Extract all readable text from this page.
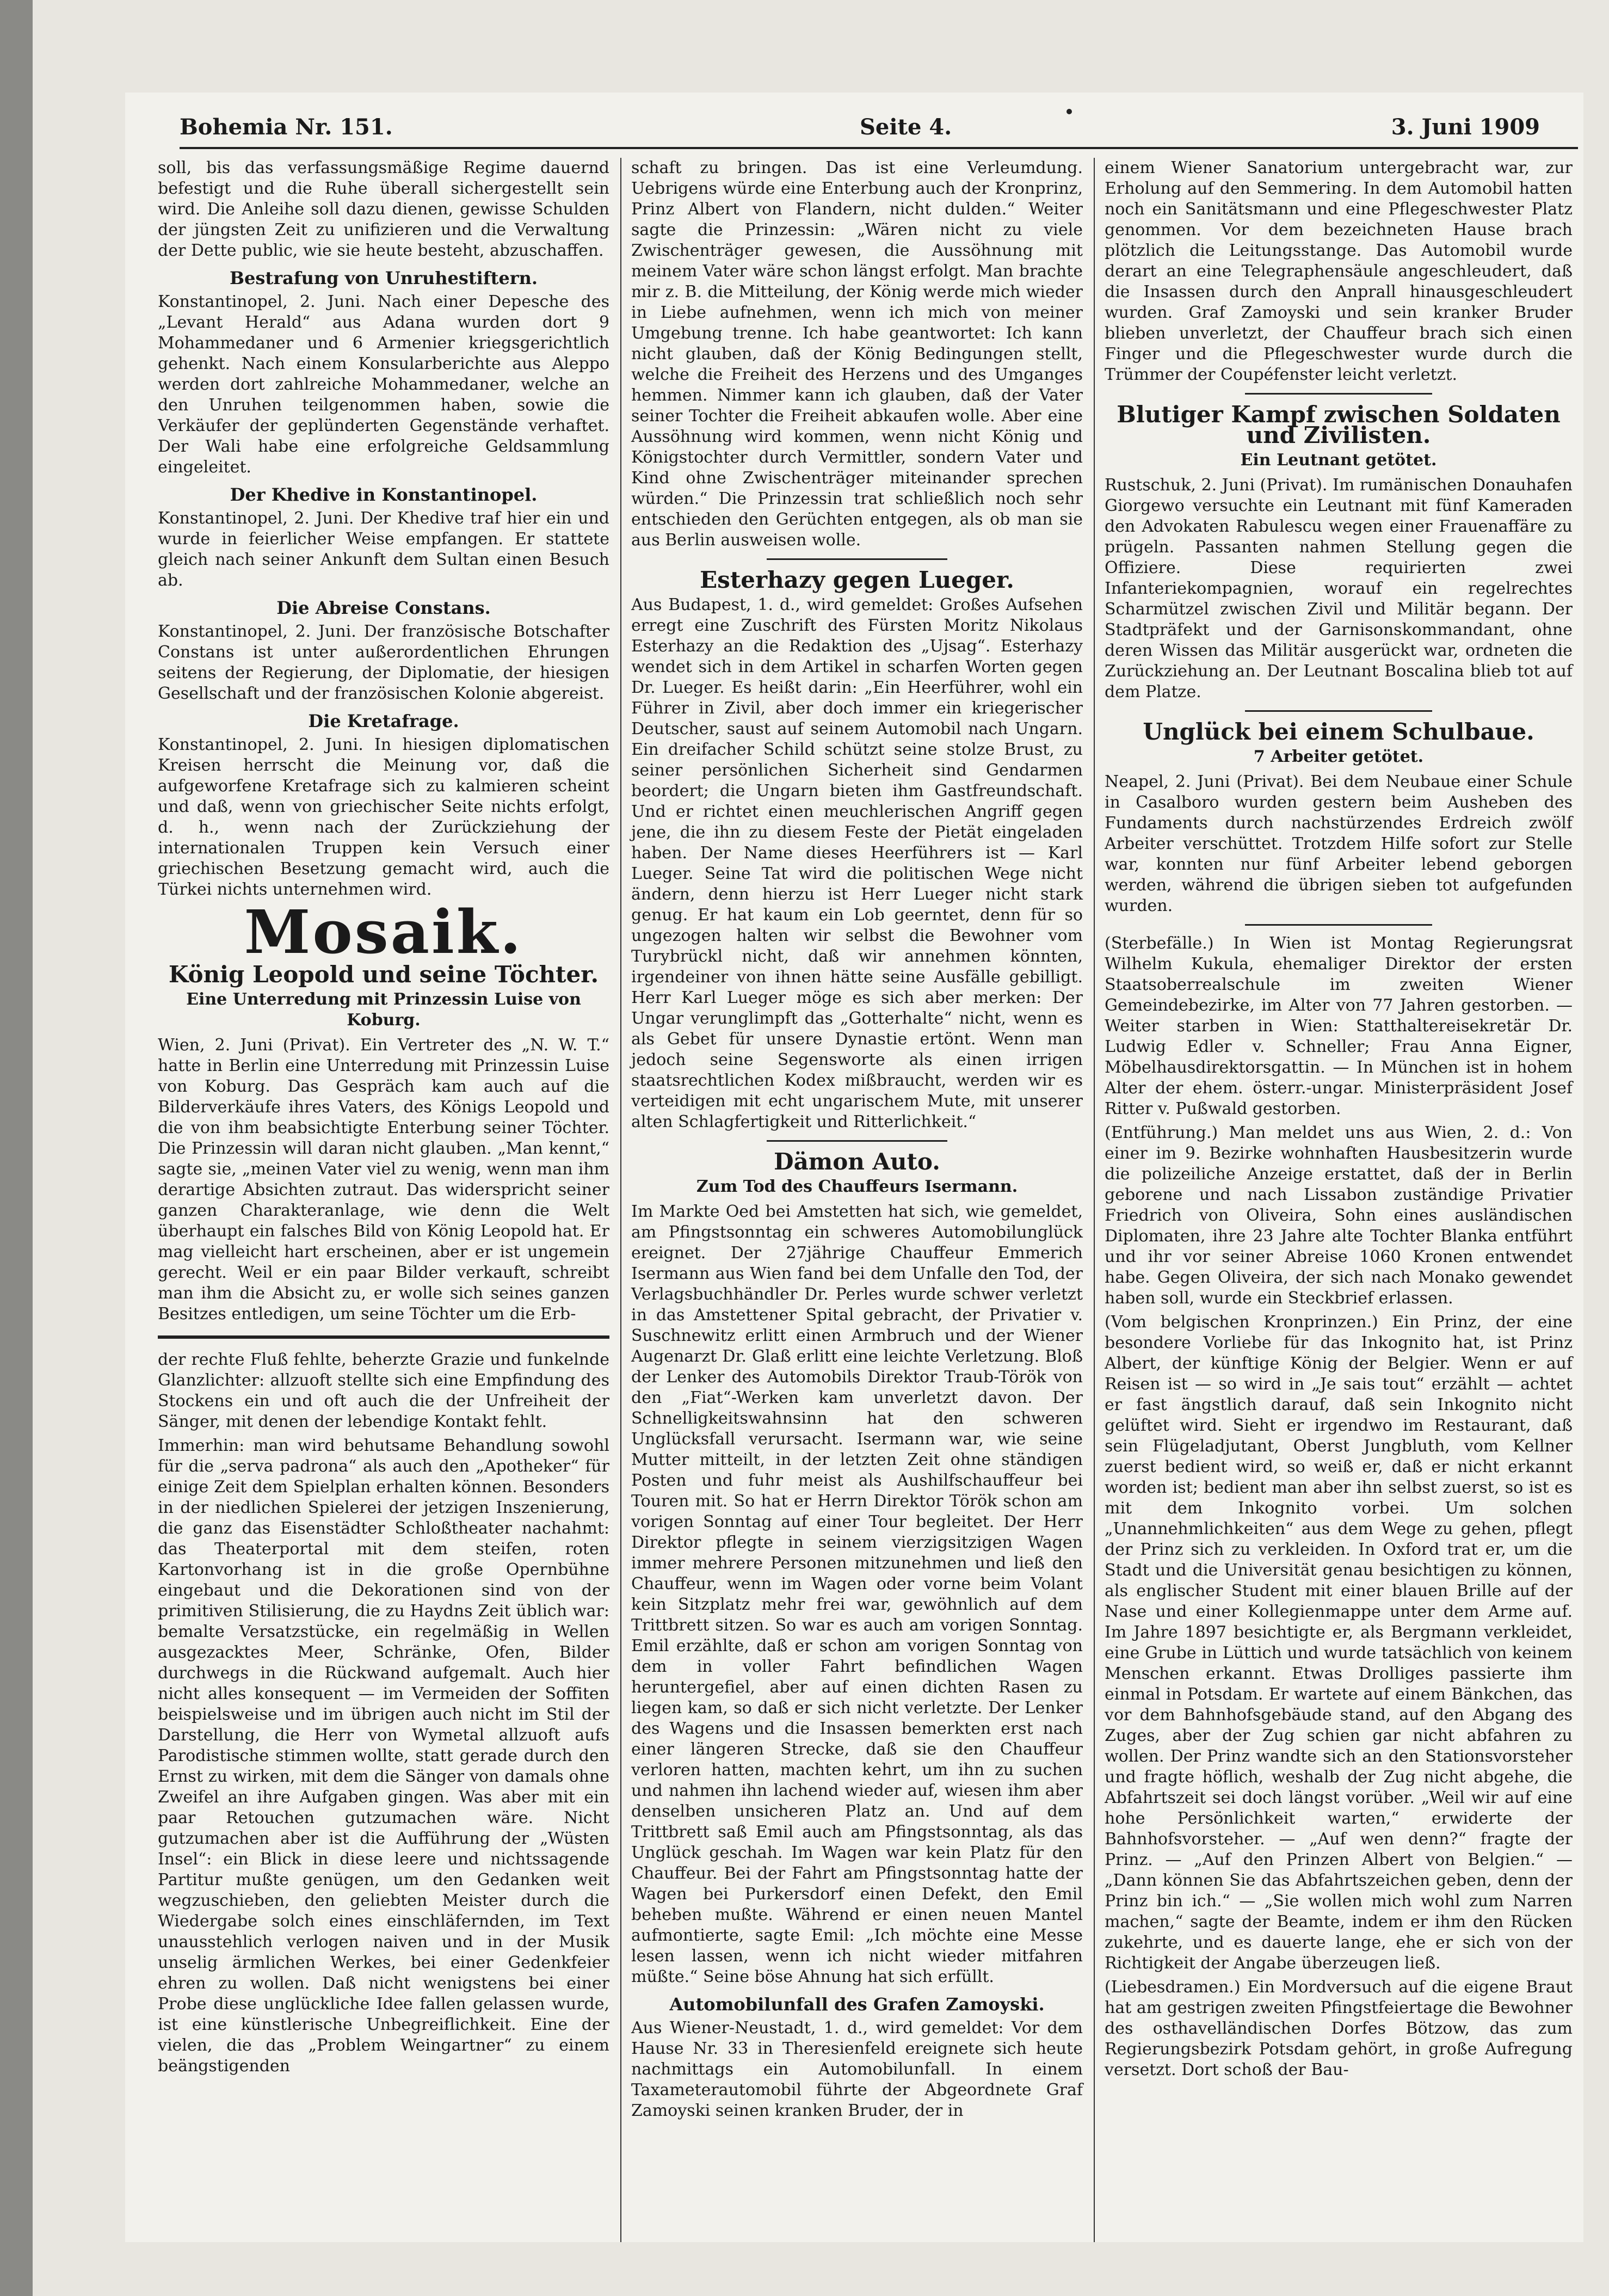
Bohemia Nr. 151.	Seite 4.	3. Juni 1909

soll, bis das verfassungsmäßige Regime dauernd befestigt und die Ruhe überall sichergestellt sein wird. Die Anleihe soll dazu dienen, gewisse Schulden der jüngsten Zeit zu unifizieren und die Verwaltung der Dette public, wie sie heute besteht, abzuschaffen.

Bestrafung von Unruhestiftern.

Konstantinopel, 2. Juni. Nach einer Depesche des „Levant Herald“ aus Adana wurden dort 9 Mohammedaner und 6 Armenier kriegsgerichtlich gehenkt. Nach einem Konsularberichte aus Aleppo werden dort zahlreiche Mohammedaner, welche an den Unruhen teilgenommen haben, sowie die Verkäufer der geplünderten Gegenstände verhaftet. Der Wali habe eine erfolgreiche Geldsammlung eingeleitet.

Der Khedive in Konstantinopel.

Konstantinopel, 2. Juni. Der Khedive traf hier ein und wurde in feierlicher Weise empfangen. Er stattete gleich nach seiner Ankunft dem Sultan einen Besuch ab.

Die Abreise Constans.

Konstantinopel, 2. Juni. Der französische Botschafter Constans ist unter außerordentlichen Ehrungen seitens der Regierung, der Diplomatie, der hiesigen Gesellschaft und der französischen Kolonie abgereist.

Die Kretafrage.

Konstantinopel, 2. Juni. In hiesigen diplomatischen Kreisen herrscht die Meinung vor, daß die aufgeworfene Kretafrage sich zu kalmieren scheint und daß, wenn von griechischer Seite nichts erfolgt, d. h., wenn nach der Zurückziehung der internationalen Truppen kein Versuch einer griechischen Besetzung gemacht wird, auch die Türkei nichts unternehmen wird.

Mosaik.
König Leopold und seine Töchter.
Eine Unterredung mit Prinzessin Luise von Koburg.

Wien, 2. Juni (Privat). Ein Vertreter des „N. W. T.“ hatte in Berlin eine Unterredung mit Prinzessin Luise von Koburg. Das Gespräch kam auch auf die Bilderverkäufe ihres Vaters, des Königs Leopold und die von ihm beabsichtigte Enterbung seiner Töchter. Die Prinzessin will daran nicht glauben. „Man kennt,“ sagte sie, „meinen Vater viel zu wenig, wenn man ihm derartige Absichten zutraut. Das widerspricht seiner ganzen Charakteranlage, wie denn die Welt überhaupt ein falsches Bild von König Leopold hat. Er mag vielleicht hart erscheinen, aber er ist ungemein gerecht. Weil er ein paar Bilder verkauft, schreibt man ihm die Absicht zu, er wolle sich seines ganzen Besitzes entledigen, um seine Töchter um die Erb-

der rechte Fluß fehlte, beherzte Grazie und funkelnde Glanzlichter: allzuoft stellte sich eine Empfindung des Stockens ein und oft auch die der Unfreiheit der Sänger, mit denen der lebendige Kontakt fehlt.

Immerhin: man wird behutsame Behandlung sowohl für die „serva padrona“ als auch den „Apotheker“ für einige Zeit dem Spielplan erhalten können. Besonders in der niedlichen Spielerei der jetzigen Inszenierung, die ganz das Eisenstädter Schloßtheater nachahmt: das Theaterportal mit dem steifen, roten Kartonvorhang ist in die große Opernbühne eingebaut und die Dekorationen sind von der primitiven Stilisierung, die zu Haydns Zeit üblich war: bemalte Versatzstücke, ein regelmäßig in Wellen ausgezacktes Meer, Schränke, Ofen, Bilder durchwegs in die Rückwand aufgemalt. Auch hier nicht alles konsequent — im Vermeiden der Soffiten beispielsweise und im übrigen auch nicht im Stil der Darstellung, die Herr von Wymetal allzuoft aufs Parodistische stimmen wollte, statt gerade durch den Ernst zu wirken, mit dem die Sänger von damals ohne Zweifel an ihre Aufgaben gingen. Was aber mit ein paar Retouchen gutzumachen wäre. Nicht gutzumachen aber ist die Aufführung der „Wüsten Insel“: ein Blick in diese leere und nichtssagende Partitur mußte genügen, um den Gedanken weit wegzuschieben, den geliebten Meister durch die Wiedergabe solch eines einschläfernden, im Text unausstehlich verlogen naiven und in der Musik unselig ärmlichen Werkes, bei einer Gedenkfeier ehren zu wollen. Daß nicht wenigstens bei einer Probe diese unglückliche Idee fallen gelassen wurde, ist eine künstlerische Unbegreiflichkeit. Eine der vielen, die das „Problem Weingartner“ zu einem beängstigenden

schaft zu bringen. Das ist eine Verleumdung. Uebrigens würde eine Enterbung auch der Kronprinz, Prinz Albert von Flandern, nicht dulden.“ Weiter sagte die Prinzessin: „Wären nicht zu viele Zwischenträger gewesen, die Aussöhnung mit meinem Vater wäre schon längst erfolgt. Man brachte mir z. B. die Mitteilung, der König werde mich wieder in Liebe aufnehmen, wenn ich mich von meiner Umgebung trenne. Ich habe geantwortet: Ich kann nicht glauben, daß der König Bedingungen stellt, welche die Freiheit des Herzens und des Umganges hemmen. Nimmer kann ich glauben, daß der Vater seiner Tochter die Freiheit abkaufen wolle. Aber eine Aussöhnung wird kommen, wenn nicht König und Königstochter durch Vermittler, sondern Vater und Kind ohne Zwischenträger miteinander sprechen würden.“ Die Prinzessin trat schließlich noch sehr entschieden den Gerüchten entgegen, als ob man sie aus Berlin ausweisen wolle.

Esterhazy gegen Lueger.

Aus Budapest, 1. d., wird gemeldet: Großes Aufsehen erregt eine Zuschrift des Fürsten Moritz Nikolaus Esterhazy an die Redaktion des „Ujsag“. Esterhazy wendet sich in dem Artikel in scharfen Worten gegen Dr. Lueger. Es heißt darin: „Ein Heerführer, wohl ein Führer in Zivil, aber doch immer ein kriegerischer Deutscher, saust auf seinem Automobil nach Ungarn. Ein dreifacher Schild schützt seine stolze Brust, zu seiner persönlichen Sicherheit sind Gendarmen beordert; die Ungarn bieten ihm Gastfreundschaft. Und er richtet einen meuchlerischen Angriff gegen jene, die ihn zu diesem Feste der Pietät eingeladen haben. Der Name dieses Heerführers ist — Karl Lueger. Seine Tat wird die politischen Wege nicht ändern, denn hierzu ist Herr Lueger nicht stark genug. Er hat kaum ein Lob geerntet, denn für so ungezogen halten wir selbst die Bewohner vom Turybrückl nicht, daß wir annehmen könnten, irgendeiner von ihnen hätte seine Ausfälle gebilligt. Herr Karl Lueger möge es sich aber merken: Der Ungar verunglimpft das „Gotterhalte“ nicht, wenn es als Gebet für unsere Dynastie ertönt. Wenn man jedoch seine Segensworte als einen irrigen staatsrechtlichen Kodex mißbraucht, werden wir es verteidigen mit echt ungarischem Mute, mit unserer alten Schlagfertigkeit und Ritterlichkeit.“

Dämon Auto.
Zum Tod des Chauffeurs Isermann.

Im Markte Oed bei Amstetten hat sich, wie gemeldet, am Pfingstsonntag ein schweres Automobilunglück ereignet. Der 27jährige Chauffeur Emmerich Isermann aus Wien fand bei dem Unfalle den Tod, der Verlagsbuchhändler Dr. Perles wurde schwer verletzt in das Amstettener Spital gebracht, der Privatier v. Suschnewitz erlitt einen Armbruch und der Wiener Augenarzt Dr. Glaß erlitt eine leichte Verletzung. Bloß der Lenker des Automobils Direktor Traub-Török von den „Fiat“-Werken kam unverletzt davon. Der Schnelligkeitswahnsinn hat den schweren Unglücksfall verursacht. Isermann war, wie seine Mutter mitteilt, in der letzten Zeit ohne ständigen Posten und fuhr meist als Aushilfschauffeur bei Touren mit. So hat er Herrn Direktor Török schon am vorigen Sonntag auf einer Tour begleitet. Der Herr Direktor pflegte in seinem vierzigsitzigen Wagen immer mehrere Personen mitzunehmen und ließ den Chauffeur, wenn im Wagen oder vorne beim Volant kein Sitzplatz mehr frei war, gewöhnlich auf dem Trittbrett sitzen. So war es auch am vorigen Sonntag. Emil erzählte, daß er schon am vorigen Sonntag von dem in voller Fahrt befindlichen Wagen heruntergefiel, aber auf einen dichten Rasen zu liegen kam, so daß er sich nicht verletzte. Der Lenker des Wagens und die Insassen bemerkten erst nach einer längeren Strecke, daß sie den Chauffeur verloren hatten, machten kehrt, um ihn zu suchen und nahmen ihn lachend wieder auf, wiesen ihm aber denselben unsicheren Platz an. Und auf dem Trittbrett saß Emil auch am Pfingstsonntag, als das Unglück geschah. Im Wagen war kein Platz für den Chauffeur. Bei der Fahrt am Pfingstsonntag hatte der Wagen bei Purkersdorf einen Defekt, den Emil beheben mußte. Während er einen neuen Mantel aufmontierte, sagte Emil: „Ich möchte eine Messe lesen lassen, wenn ich nicht wieder mitfahren müßte.“ Seine böse Ahnung hat sich erfüllt.

Automobilunfall des Grafen Zamoyski.

Aus Wiener-Neustadt, 1. d., wird gemeldet: Vor dem Hause Nr. 33 in Theresienfeld ereignete sich heute nachmittags ein Automobilunfall. In einem Taxameterautomobil führte der Abgeordnete Graf Zamoyski seinen kranken Bruder, der in

einem Wiener Sanatorium untergebracht war, zur Erholung auf den Semmering. In dem Automobil hatten noch ein Sanitätsmann und eine Pflegeschwester Platz genommen. Vor dem bezeichneten Hause brach plötzlich die Leitungsstange. Das Automobil wurde derart an eine Telegraphensäule angeschleudert, daß die Insassen durch den Anprall hinausgeschleudert wurden. Graf Zamoyski und sein kranker Bruder blieben unverletzt, der Chauffeur brach sich einen Finger und die Pflegeschwester wurde durch die Trümmer der Coupéfenster leicht verletzt.

Blutiger Kampf zwischen Soldaten und Zivilisten.
Ein Leutnant getötet.

Rustschuk, 2. Juni (Privat). Im rumänischen Donauhafen Giorgewo versuchte ein Leutnant mit fünf Kameraden den Advokaten Rabulescu wegen einer Frauenaffäre zu prügeln. Passanten nahmen Stellung gegen die Offiziere. Diese requirierten zwei Infanteriekompagnien, worauf ein regelrechtes Scharmützel zwischen Zivil und Militär begann. Der Stadtpräfekt und der Garnisonskommandant, ohne deren Wissen das Militär ausgerückt war, ordneten die Zurückziehung an. Der Leutnant Boscalina blieb tot auf dem Platze.

Unglück bei einem Schulbaue.
7 Arbeiter getötet.

Neapel, 2. Juni (Privat). Bei dem Neubaue einer Schule in Casalboro wurden gestern beim Ausheben des Fundaments durch nachstürzendes Erdreich zwölf Arbeiter verschüttet. Trotzdem Hilfe sofort zur Stelle war, konnten nur fünf Arbeiter lebend geborgen werden, während die übrigen sieben tot aufgefunden wurden.

(Sterbefälle.) In Wien ist Montag Regierungsrat Wilhelm Kukula, ehemaliger Direktor der ersten Staatsoberrealschule im zweiten Wiener Gemeindebezirke, im Alter von 77 Jahren gestorben. — Weiter starben in Wien: Statthaltereisekretär Dr. Ludwig Edler v. Schneller; Frau Anna Eigner, Möbelhausdirektorsgattin. — In München ist in hohem Alter der ehem. österr.-ungar. Ministerpräsident Josef Ritter v. Pußwald gestorben.

(Entführung.) Man meldet uns aus Wien, 2. d.: Von einer im 9. Bezirke wohnhaften Hausbesitzerin wurde die polizeiliche Anzeige erstattet, daß der in Berlin geborene und nach Lissabon zuständige Privatier Friedrich von Oliveira, Sohn eines ausländischen Diplomaten, ihre 23 Jahre alte Tochter Blanka entführt und ihr vor seiner Abreise 1060 Kronen entwendet habe. Gegen Oliveira, der sich nach Monako gewendet haben soll, wurde ein Steckbrief erlassen.

(Vom belgischen Kronprinzen.) Ein Prinz, der eine besondere Vorliebe für das Inkognito hat, ist Prinz Albert, der künftige König der Belgier. Wenn er auf Reisen ist — so wird in „Je sais tout“ erzählt — achtet er fast ängstlich darauf, daß sein Inkognito nicht gelüftet wird. Sieht er irgendwo im Restaurant, daß sein Flügeladjutant, Oberst Jungbluth, vom Kellner zuerst bedient wird, so weiß er, daß er nicht erkannt worden ist; bedient man aber ihn selbst zuerst, so ist es mit dem Inkognito vorbei. Um solchen „Unannehmlichkeiten“ aus dem Wege zu gehen, pflegt der Prinz sich zu verkleiden. In Oxford trat er, um die Stadt und die Universität genau besichtigen zu können, als englischer Student mit einer blauen Brille auf der Nase und einer Kollegienmappe unter dem Arme auf. Im Jahre 1897 besichtigte er, als Bergmann verkleidet, eine Grube in Lüttich und wurde tatsächlich von keinem Menschen erkannt. Etwas Drolliges passierte ihm einmal in Potsdam. Er wartete auf einem Bänkchen, das vor dem Bahnhofsgebäude stand, auf den Abgang des Zuges, aber der Zug schien gar nicht abfahren zu wollen. Der Prinz wandte sich an den Stationsvorsteher und fragte höflich, weshalb der Zug nicht abgehe, die Abfahrtszeit sei doch längst vorüber. „Weil wir auf eine hohe Persönlichkeit warten,“ erwiderte der Bahnhofsvorsteher. — „Auf wen denn?“ fragte der Prinz. — „Auf den Prinzen Albert von Belgien.“ — „Dann können Sie das Abfahrtszeichen geben, denn der Prinz bin ich.“ — „Sie wollen mich wohl zum Narren machen,“ sagte der Beamte, indem er ihm den Rücken zukehrte, und es dauerte lange, ehe er sich von der Richtigkeit der Angabe überzeugen ließ.

(Liebesdramen.) Ein Mordversuch auf die eigene Braut hat am gestrigen zweiten Pfingstfeiertage die Bewohner des osthavelländischen Dorfes Bötzow, das zum Regierungsbezirk Potsdam gehört, in große Aufregung versetzt. Dort schoß der Bau-
